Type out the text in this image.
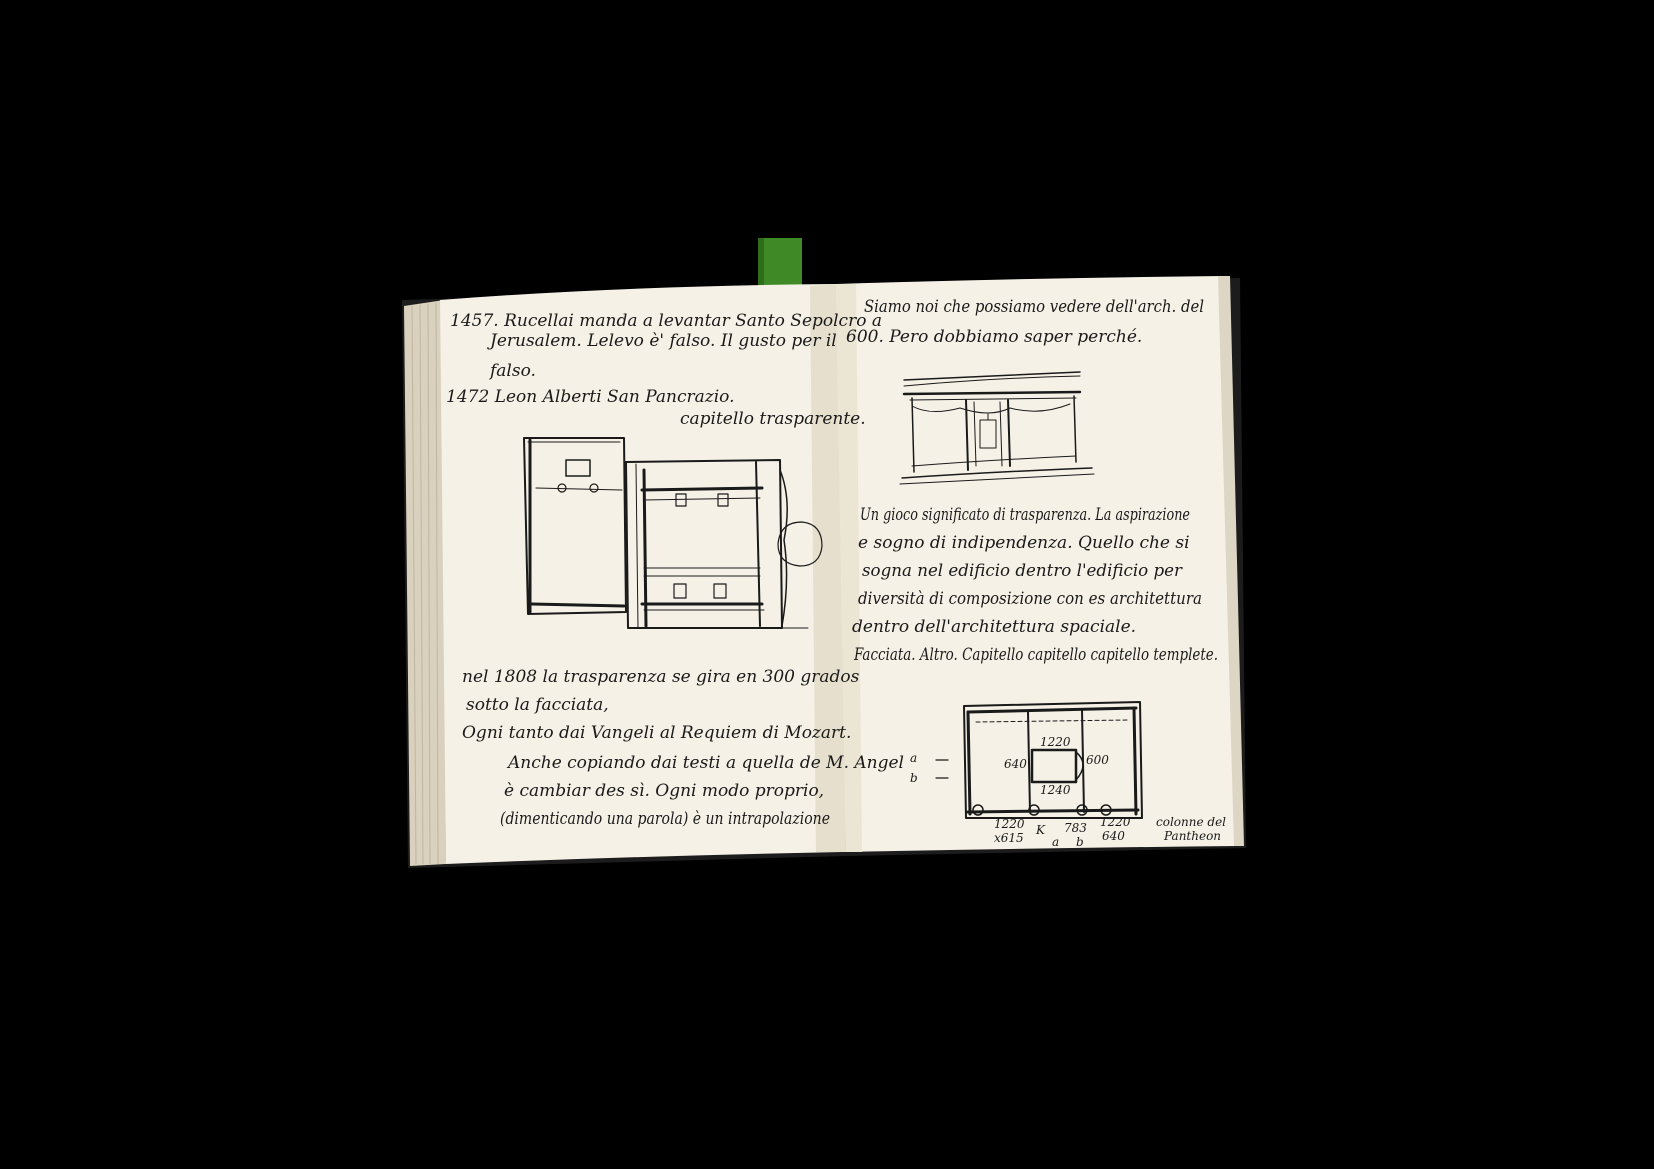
1457. Rucellai manda a levantar Santo Sepolcro a
Jerusalem. Lelevo è' falso. Il gusto per il
falso.
1472 Leon Alberti San Pancrazio.
capitello trasparente.
nel 1808 la trasparenza se gira en 300 grados
sotto la facciata,
Ogni tanto dai Vangeli al Requiem di Mozart.
Anche copiando dai testi a quella de M. Angel
è cambiar des sì. Ogni modo proprio,
(dimenticando una parola) è un intrapolazione
Siamo noi che possiamo vedere dell'arch. del
600. Pero dobbiamo saper perché.
Un gioco significato di trasparenza. La aspirazione
e sogno di indipendenza. Quello che si
sogna nel edificio dentro l'edificio per
diversità di composizione con es architettura
dentro dell'architettura spaciale.
Facciata. Altro. Capitello capitello capitello templete.
a
b
1220
1240
640	600
1220
x615
K
a
783
b
1220
640
colonne del
Pantheon
